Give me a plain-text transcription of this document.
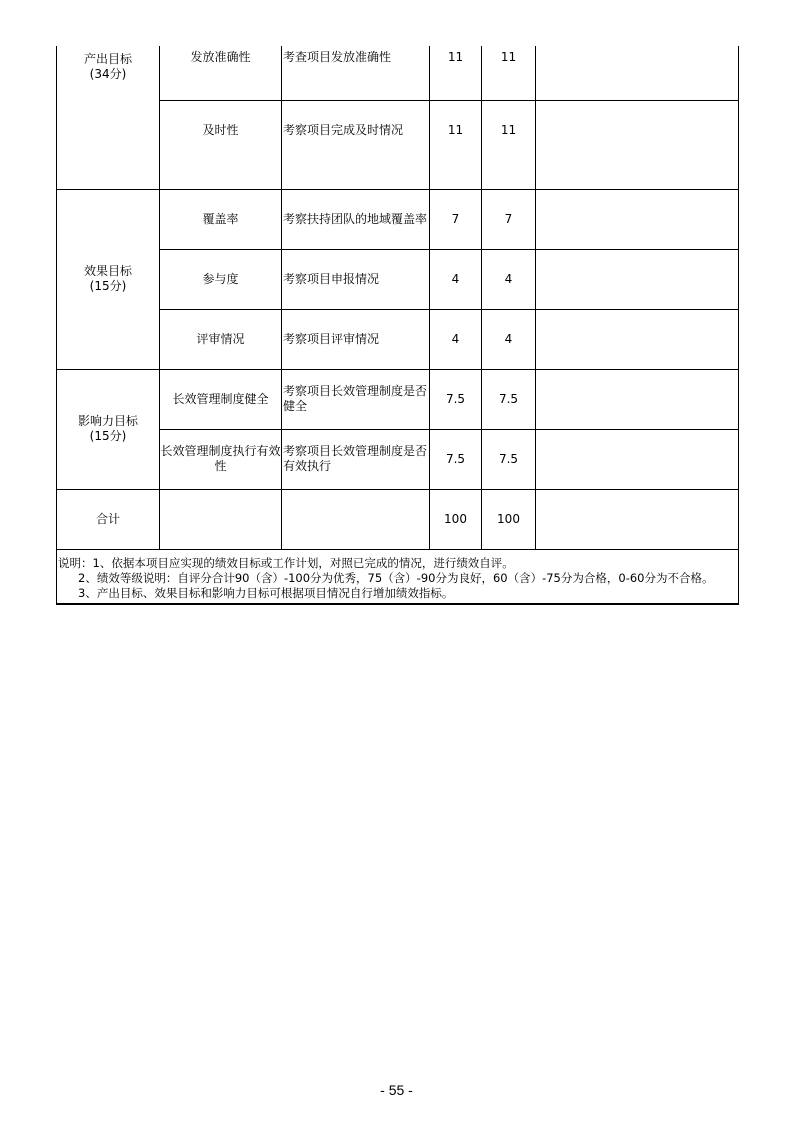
产出目标
(34分)	发放准确性	考查项目发放准确性	11	11	
	及时性	考察项目完成及时情况	11	11	

效果目标
(15分)	覆盖率	考察扶持团队的地域覆盖率	7	7	
	参与度	考察项目申报情况	4	4	
	评审情况	考察项目评审情况	4	4	

影响力目标
(15分)	长效管理制度健全	考察项目长效管理制度是否健全	7.5	7.5	
	长效管理制度执行有效性	考察项目长效管理制度是否有效执行	7.5	7.5	
合计			100	100	

说明：1、依据本项目应实现的绩效目标或工作计划，对照已完成的情况，进行绩效自评。
2、绩效等级说明：自评分合计90（含）-100分为优秀，75（含）-90分为良好，60（含）-75分为合格，0-60分为不合格。
3、产出目标、效果目标和影响力目标可根据项目情况自行增加绩效指标。					
- 55 -
